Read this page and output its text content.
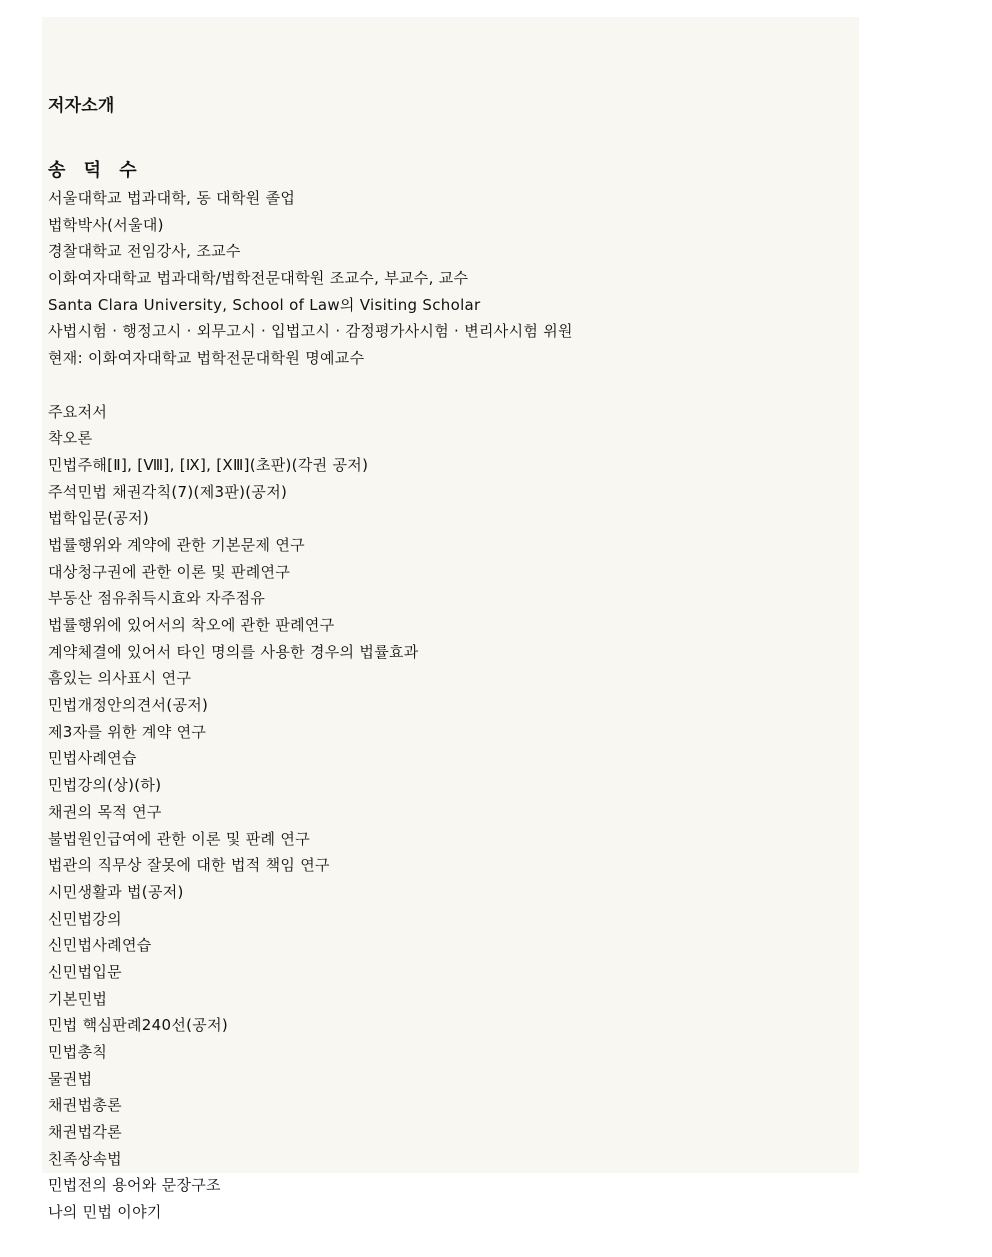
저자소개
송 덕 수
서울대학교 법과대학, 동 대학원 졸업
법학박사(서울대)
경찰대학교 전임강사, 조교수
이화여자대학교 법과대학/법학전문대학원 조교수, 부교수, 교수
Santa Clara University, School of Law의 Visiting Scholar
사법시험 · 행정고시 · 외무고시 · 입법고시 · 감정평가사시험 · 변리사시험 위원
현재: 이화여자대학교 법학전문대학원 명예교수
주요저서
착오론
민법주해[Ⅱ], [Ⅷ], [Ⅸ], [XⅢ](초판)(각권 공저)
주석민법 채권각칙(7)(제3판)(공저)
법학입문(공저)
법률행위와 계약에 관한 기본문제 연구
대상청구권에 관한 이론 및 판례연구
부동산 점유취득시효와 자주점유
법률행위에 있어서의 착오에 관한 판례연구
계약체결에 있어서 타인 명의를 사용한 경우의 법률효과
흠있는 의사표시 연구
민법개정안의견서(공저)
제3자를 위한 계약 연구
민법사례연습
민법강의(상)(하)
채권의 목적 연구
불법원인급여에 관한 이론 및 판례 연구
법관의 직무상 잘못에 대한 법적 책임 연구
시민생활과 법(공저)
신민법강의
신민법사례연습
신민법입문
기본민법
민법 핵심판례240선(공저)
민법총칙
물권법
채권법총론
채권법각론
친족상속법
민법전의 용어와 문장구조
나의 민법 이야기
